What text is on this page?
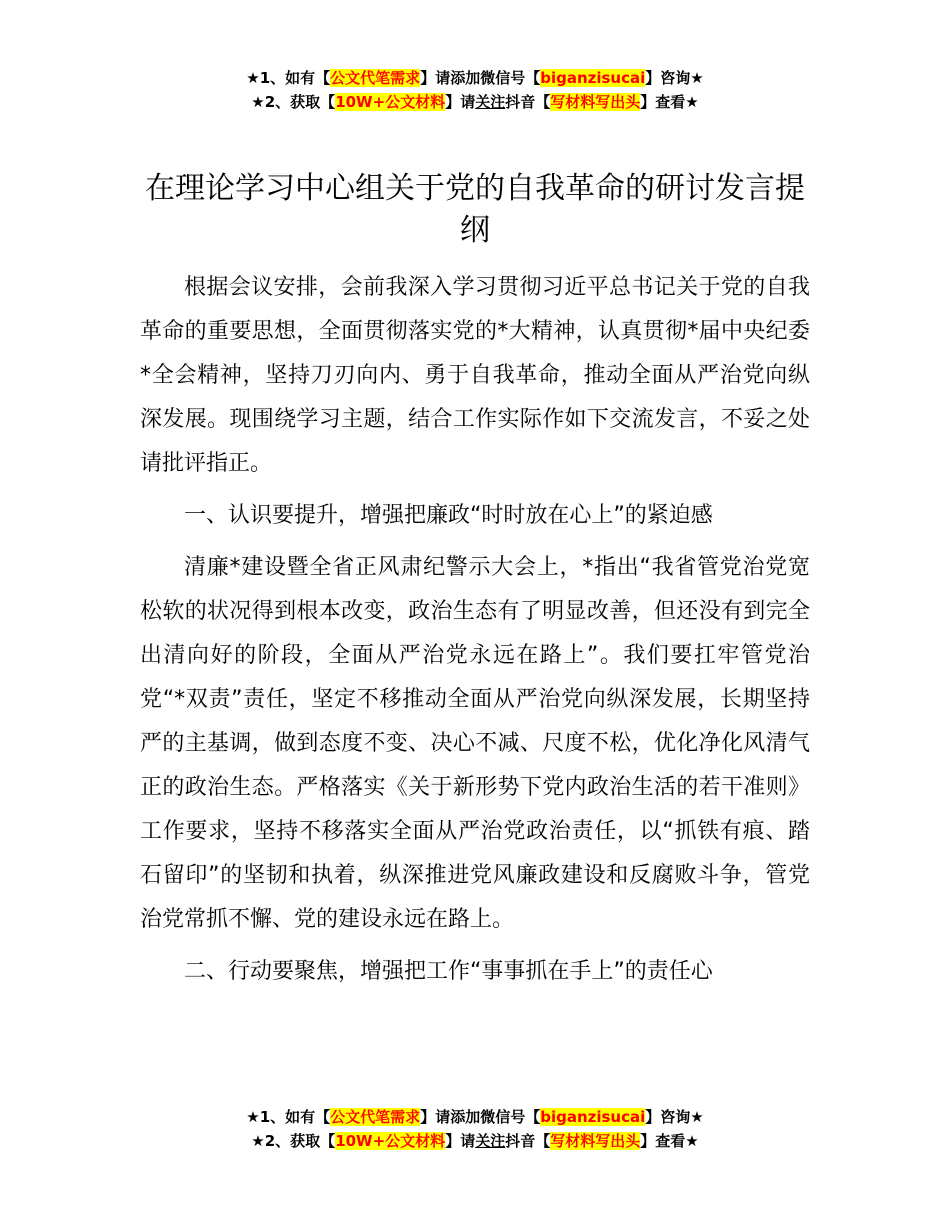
★1、如有【公文代笔需求】请添加微信号【biganzisucai】咨询★
★2、获取【10W+公文材料】请关注抖音【写材料写出头】查看★
在理论学习中心组关于党的自我革命的研讨发言提纲

根据会议安排，会前我深入学习贯彻习近平总书记关于党的自我革命的重要思想，全面贯彻落实党的*大精神，认真贯彻*届中央纪委*全会精神，坚持刀刃向内、勇于自我革命，推动全面从严治党向纵深发展。现围绕学习主题，结合工作实际作如下交流发言，不妥之处请批评指正。

一、认识要提升，增强把廉政“时时放在心上”的紧迫感

清廉*建设暨全省正风肃纪警示大会上，*指出“我省管党治党宽松软的状况得到根本改变，政治生态有了明显改善，但还没有到完全出清向好的阶段，全面从严治党永远在路上”。我们要扛牢管党治党“*双责”责任，坚定不移推动全面从严治党向纵深发展，长期坚持严的主基调，做到态度不变、决心不减、尺度不松，优化净化风清气正的政治生态。严格落实《关于新形势下党内政治生活的若干准则》工作要求，坚持不移落实全面从严治党政治责任，以“抓铁有痕、踏石留印”的坚韧和执着，纵深推进党风廉政建设和反腐败斗争，管党治党常抓不懈、党的建设永远在路上。

二、行动要聚焦，增强把工作“事事抓在手上”的责任心

★1、如有【公文代笔需求】请添加微信号【biganzisucai】咨询★
★2、获取【10W+公文材料】请关注抖音【写材料写出头】查看★
